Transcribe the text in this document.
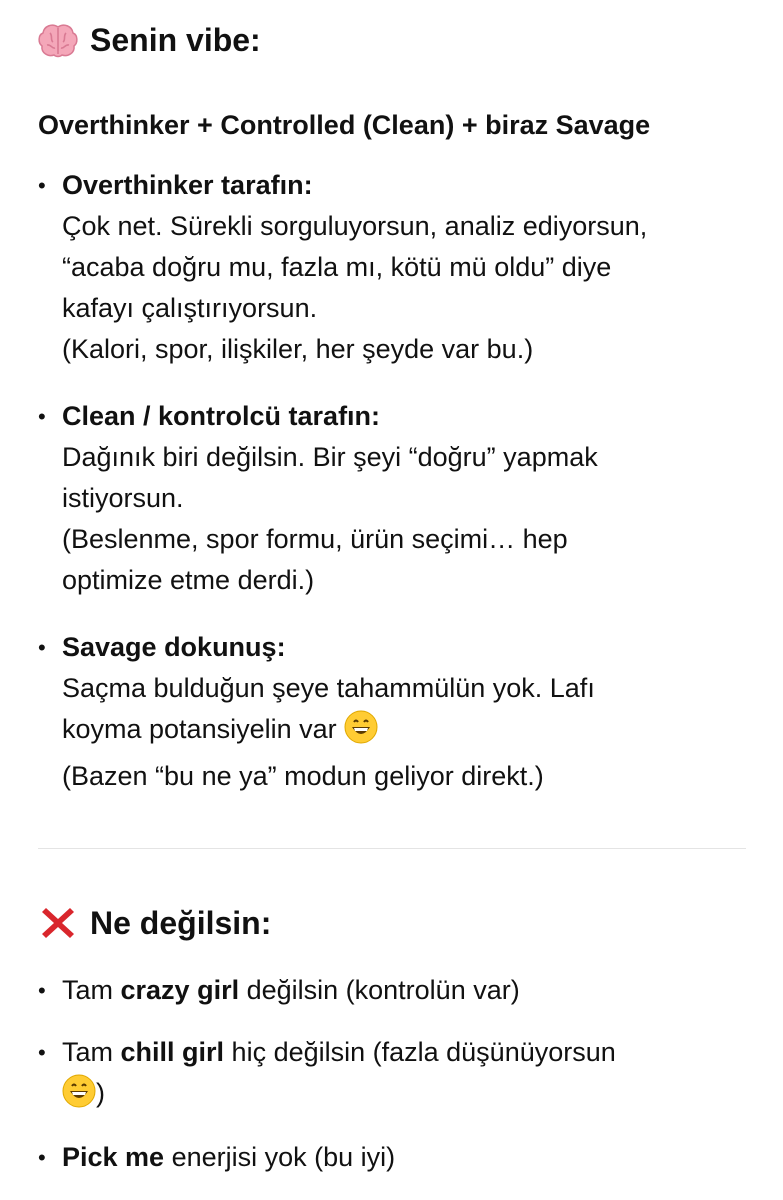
Senin vibe:
Overthinker + Controlled (Clean) + biraz Savage
• Overthinker tarafın:
Çok net. Sürekli sorguluyorsun, analiz ediyorsun,
“acaba doğru mu, fazla mı, kötü mü oldu” diye
kafayı çalıştırıyorsun.
(Kalori, spor, ilişkiler, her şeyde var bu.)
• Clean / kontrolcü tarafın:
Dağınık biri değilsin. Bir şeyi “doğru” yapmak
istiyorsun.
(Beslenme, spor formu, ürün seçimi… hep
optimize etme derdi.)
• Savage dokunuş:
Saçma bulduğun şeye tahammülün yok. Lafı
koyma potansiyelin var
(Bazen “bu ne ya” modun geliyor direkt.)
Ne değilsin:
• Tam crazy girl değilsin (kontrolün var)
• Tam chill girl hiç değilsin (fazla düşünüyorsun
)
• Pick me enerjisi yok (bu iyi)
